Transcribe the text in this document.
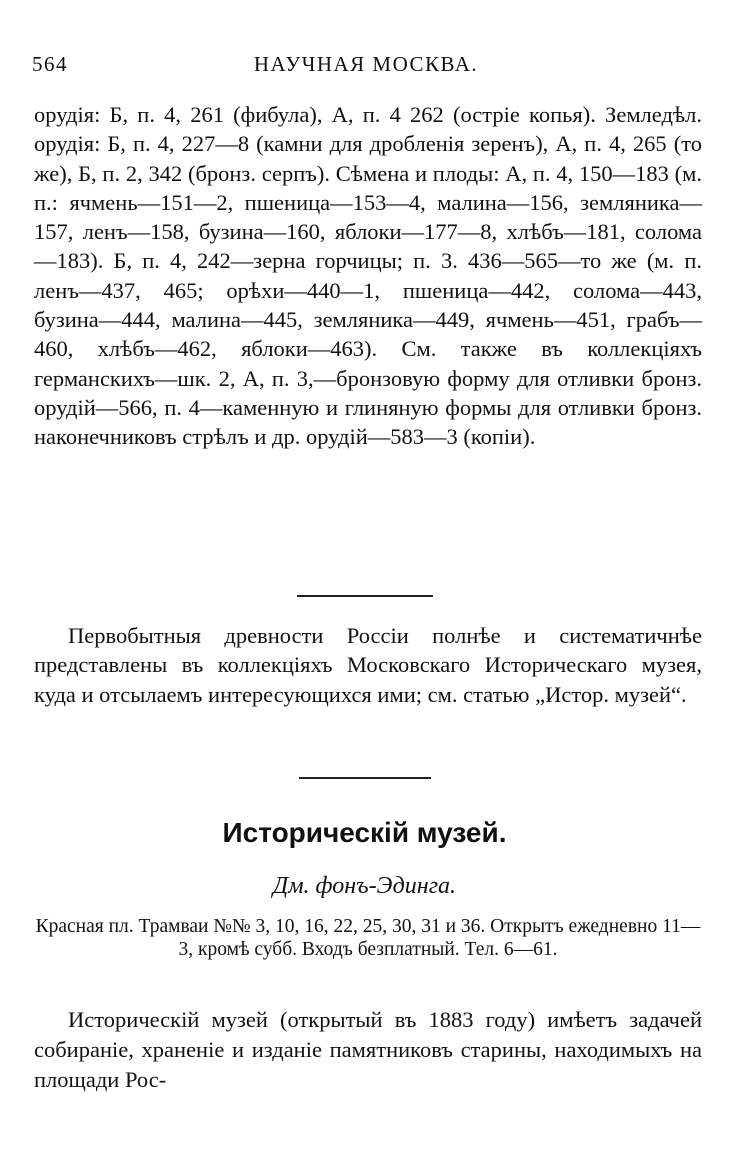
564	НАУЧНАЯ МОСКВА.

орудія: Б, п. 4, 261 (фибула), А, п. 4 262 (остріе копья). Земледѣл. орудія: Б, п. 4, 227—8 (камни для дробленія зеренъ), А, п. 4, 265 (то же), Б, п. 2, 342 (бронз. серпъ). Сѣмена и плоды: А, п. 4, 150—183 (м. п.: ячмень—151—2, пшеница—153—4, малина—156, земляника—157, ленъ—158, бузина—160, яблоки—177—8, хлѣбъ—181, солома—183). Б, п. 4, 242—зерна горчицы; п. 3. 436—565—то же (м. п. ленъ—437, 465; орѣхи—440—1, пшеница—442, солома—443, бузина—444, малина—445, земляника—449, ячмень—451, грабъ—460, хлѣбъ—462, яблоки—463). См. также въ коллекціяхъ германскихъ—шк. 2, А, п. 3,—бронзовую форму для отливки бронз. орудій—566, п. 4—каменную и глиняную формы для отливки бронз. наконечниковъ стрѣлъ и др. орудій—583—3 (копіи).

Первобытныя древности Россіи полнѣе и систематичнѣе представлены въ коллекціяхъ Московскаго Историческаго музея, куда и отсылаемъ интересующихся ими; см. статью „Истор. музей“.

Историческій музей.
Дм. фонъ-Эдинга.

Красная пл. Трамваи №№ 3, 10, 16, 22, 25, 30, 31 и 36. Открытъ ежедневно 11—3, кромѣ субб. Входъ безплатный. Тел. 6—61.

Историческій музей (открытый въ 1883 году) имѣетъ задачей собираніе, храненіе и изданіе памятниковъ старины, находимыхъ на площади Рос-
